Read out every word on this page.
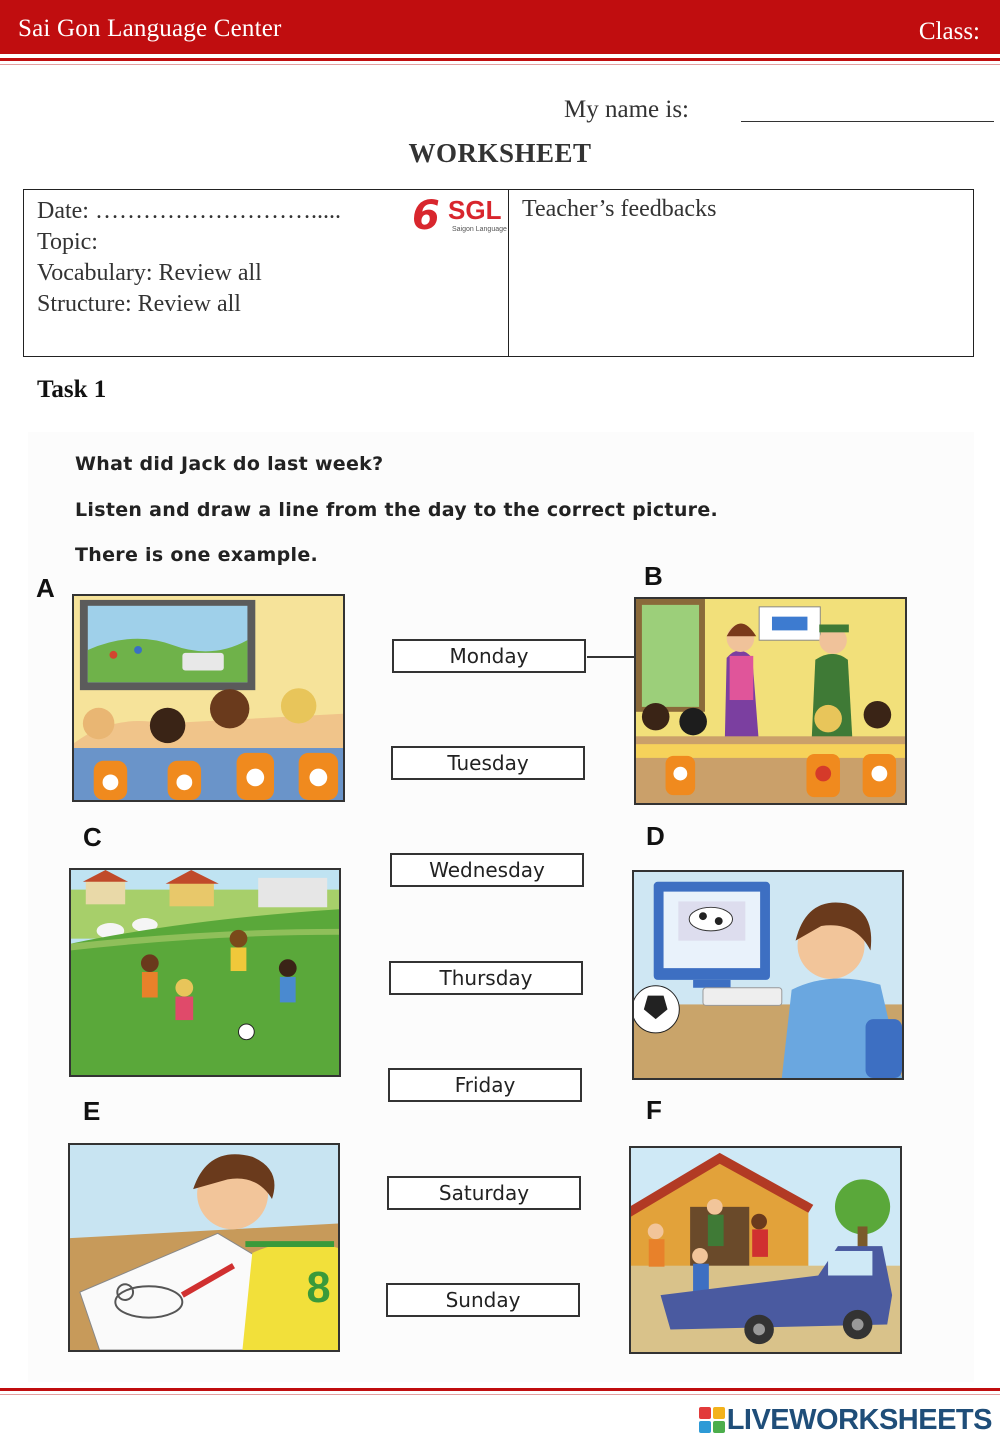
Sai Gon Language Center	Class:
My name is:
WORKSHEET
Date: ……………………….....
Topic:
Vocabulary: Review all
Structure: Review all
6 SGL
Saigon Language
Teacher’s feedbacks
Task 1
What did Jack do last week?
Listen and draw a line from the day to the correct picture.
There is one example.
A	B
C	D
E	F
8
Monday
Tuesday
Wednesday
Thursday
Friday
Saturday
Sunday
LIVEWORKSHEETS
